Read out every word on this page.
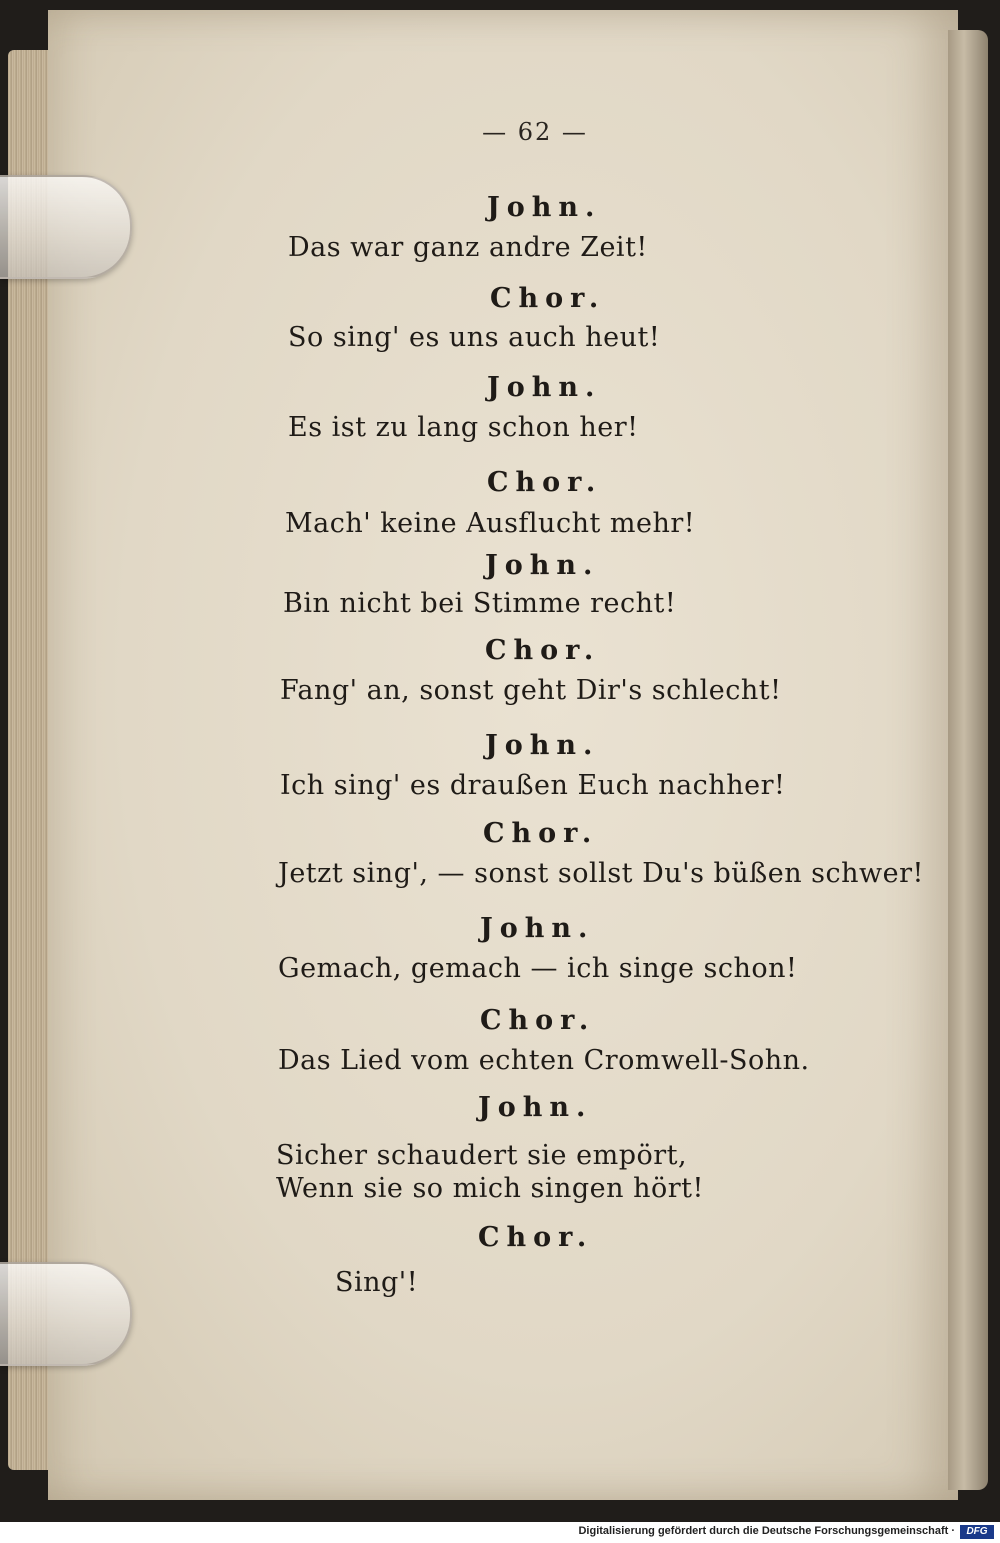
— 62 —
John.
Das war ganz andre Zeit!
Chor.
So sing' es uns auch heut!
John.
Es ist zu lang schon her!
Chor.
Mach' keine Ausflucht mehr!
John.
Bin nicht bei Stimme recht!
Chor.
Fang' an, sonst geht Dir's schlecht!
John.
Ich sing' es draußen Euch nachher!
Chor.
Jetzt sing', — sonst sollst Du's büßen schwer!
John.
Gemach, gemach — ich singe schon!
Chor.
Das Lied vom echten Cromwell-Sohn.
John.
Sicher schaudert sie empört,
Wenn sie so mich singen hört!
Chor.
Sing'!
Digitalisierung gefördert durch die Deutsche Forschungsgemeinschaft ·	DFG
